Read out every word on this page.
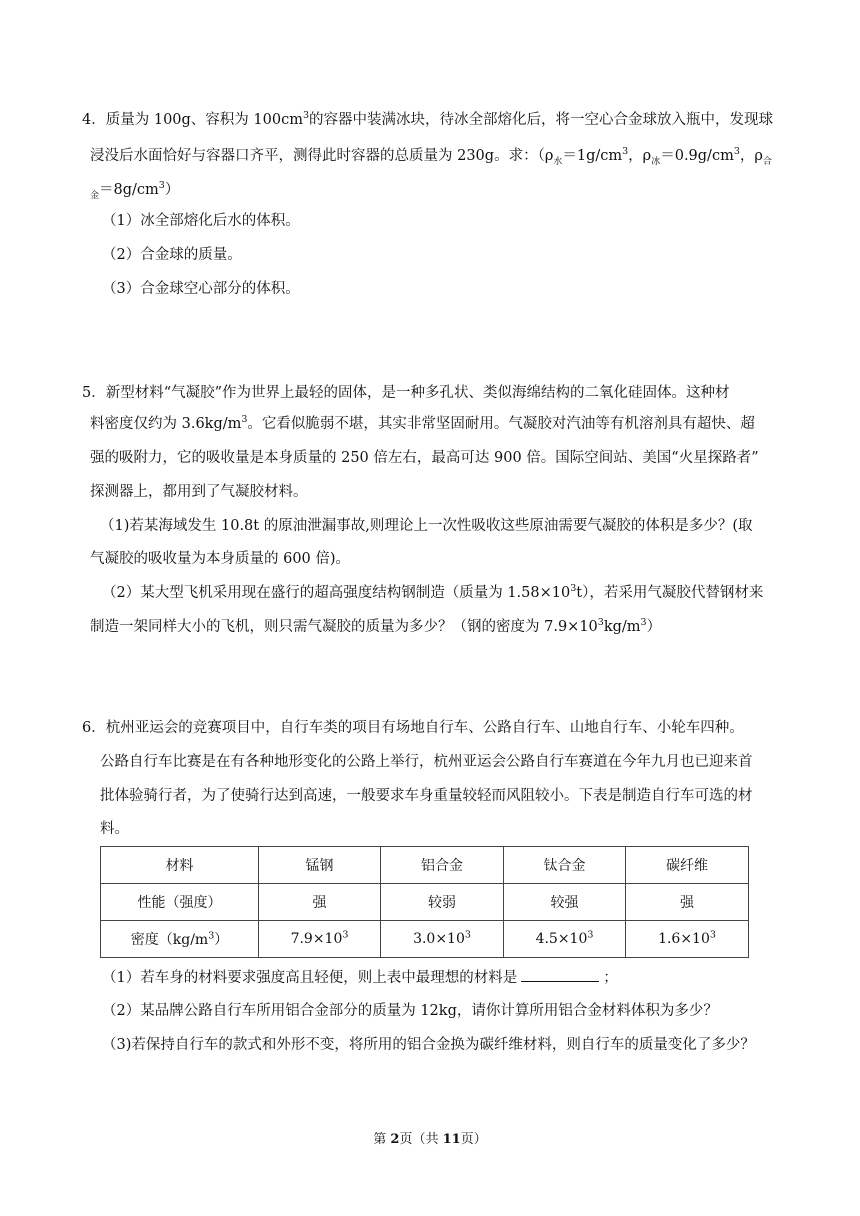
4．质量为 100g、容积为 $100cm^3$的容器中装满冰块，待冰全部熔化后，将一空心合金球放入瓶中，发现球
浸没后水面恰好与容器口齐平，测得此时容器的总质量为 230g。求：（$\rho_水=1g/cm^3$，$\rho_冰=0.9g/cm^3$，$\rho_合$
$_金=8g/cm^3$）
（1）冰全部熔化后水的体积。
（2）合金球的质量。
（3）合金球空心部分的体积。
5．新型材料“气凝胶”作为世界上最轻的固体，是一种多孔状、类似海绵结构的二氧化硅固体。这种材
料密度仅约为 $3.6kg/m^3$。它看似脆弱不堪，其实非常坚固耐用。气凝胶对汽油等有机溶剂具有超快、超
强的吸附力，它的吸收量是本身质量的 250 倍左右，最高可达 900 倍。国际空间站、美国“火星探路者”
探测器上，都用到了气凝胶材料。
（1)若某海域发生 10.8t 的原油泄漏事故,则理论上一次性吸收这些原油需要气凝胶的体积是多少？(取
气凝胶的吸收量为本身质量的 600 倍)。
（2）某大型飞机采用现在盛行的超高强度结构钢制造（质量为 $1.58\times 10^3t$），若采用气凝胶代替钢材来
制造一架同样大小的飞机，则只需气凝胶的质量为多少？（钢的密度为 $7.9\times 10^3kg/m^3$）
6．杭州亚运会的竞赛项目中，自行车类的项目有场地自行车、公路自行车、山地自行车、小轮车四种。
公路自行车比赛是在有各种地形变化的公路上举行，杭州亚运会公路自行车赛道在今年九月也已迎来首
批体验骑行者，为了使骑行达到高速，一般要求车身重量较轻而风阻较小。下表是制造自行车可选的材
料。
材料	锰钢	铝合金	钛合金	碳纤维
性能（强度）	强	较弱	较强	强
密度$(kg/m^3)$	$7.9\times 10^3$	$3.0\times 10^3$	$4.5\times 10^3$	$1.6\times 10^3$
（1）若车身的材料要求强度高且轻便，则上表中最理想的材料是	；
（2）某品牌公路自行车所用铝合金部分的质量为 12kg，请你计算所用铝合金材料体积为多少？
（3)若保持自行车的款式和外形不变，将所用的铝合金换为碳纤维材料，则自行车的质量变化了多少？
第 2页（共 11页）
